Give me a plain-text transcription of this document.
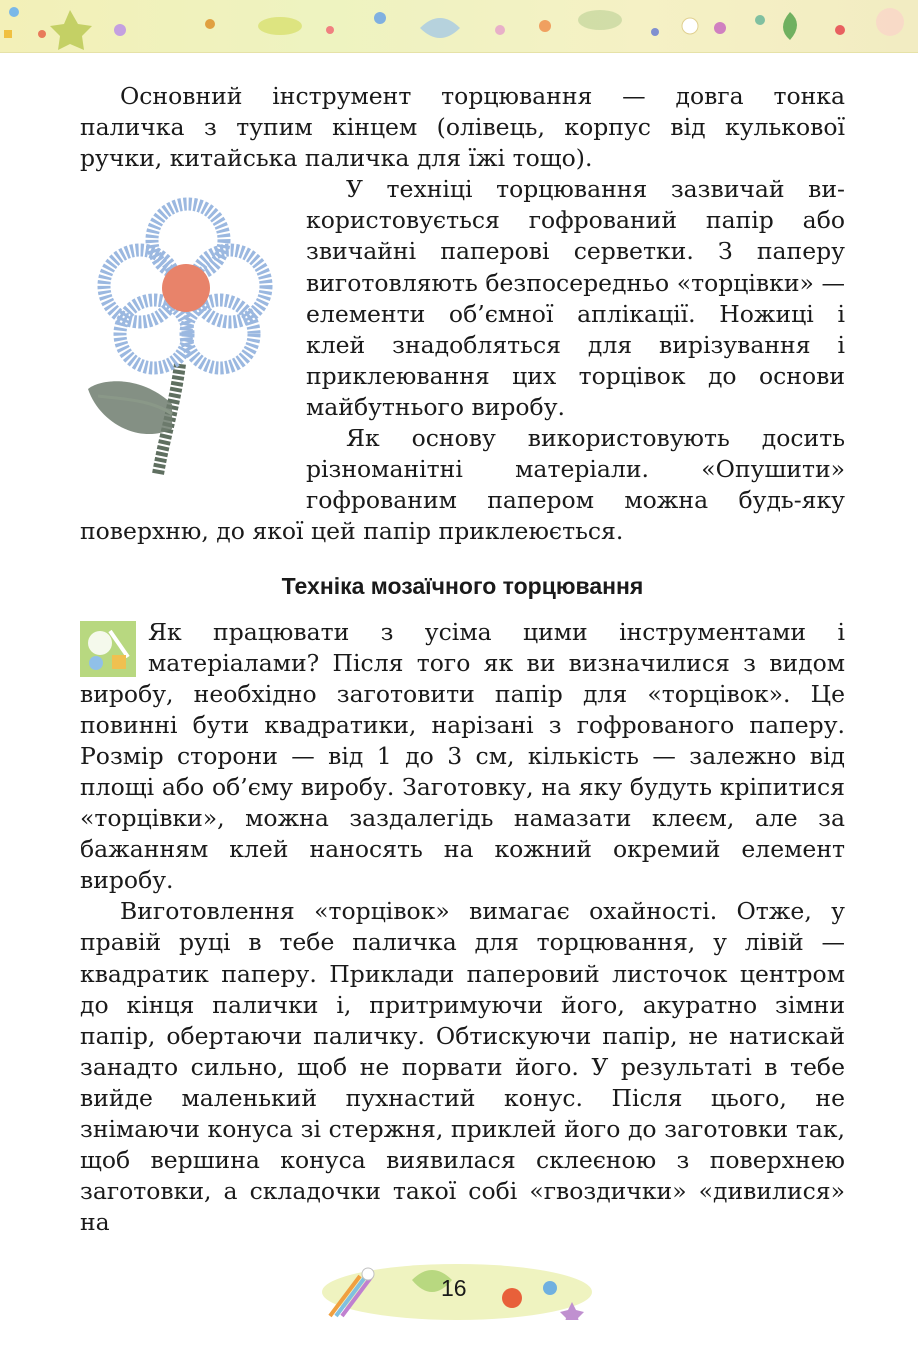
Основний інструмент торцювання — довга тонка паличка з тупим кінцем (олівець, корпус від кулькової ручки, китайська паличка для їжі тощо).

У техніці торцювання зазвичай використовується гофрований папір або звичайні паперові серветки. З паперу виготовляють безпосередньо «торцівки» — елементи об’ємної аплікації. Ножиці і клей знадобляться для вирізування і приклеювання цих торцівок до основи майбутнього виробу.

Як основу використовують досить різноманітні матеріали. «Опушити» гофрованим папером можна будь-яку поверхню, до якої цей папір приклеюється.

Техніка мозаїчного торцювання

Як працювати з усіма цими інструментами і матеріалами? Після того як ви визначилися з видом виробу, необхідно заготовити папір для «торцівок». Це повинні бути квадратики, нарізані з гофрованого паперу. Розмір сторони — від 1 до 3 см, кількість — залежно від площі або об’єму виробу. Заготовку, на яку будуть кріпитися «торцівки», можна заздалегідь намазати клеєм, але за бажанням клей наносять на кожний окремий елемент виробу.

Виготовлення «торцівок» вимагає охайності. Отже, у правій руці в тебе паличка для торцювання, у лівій — квадратик паперу. Приклади паперовий листочок центром до кінця палички і, притримуючи його, акуратно зімни папір, обертаючи паличку. Обтискуючи папір, не натискай занадто сильно, щоб не порвати його. У результаті в тебе вийде маленький пухнастий конус. Після цього, не знімаючи конуса зі стержня, приклей його до заготовки так, щоб вершина конуса виявилася склеєною з поверхнею заготовки, а складочки такої собі «гвоздички» «дивилися» на

16
